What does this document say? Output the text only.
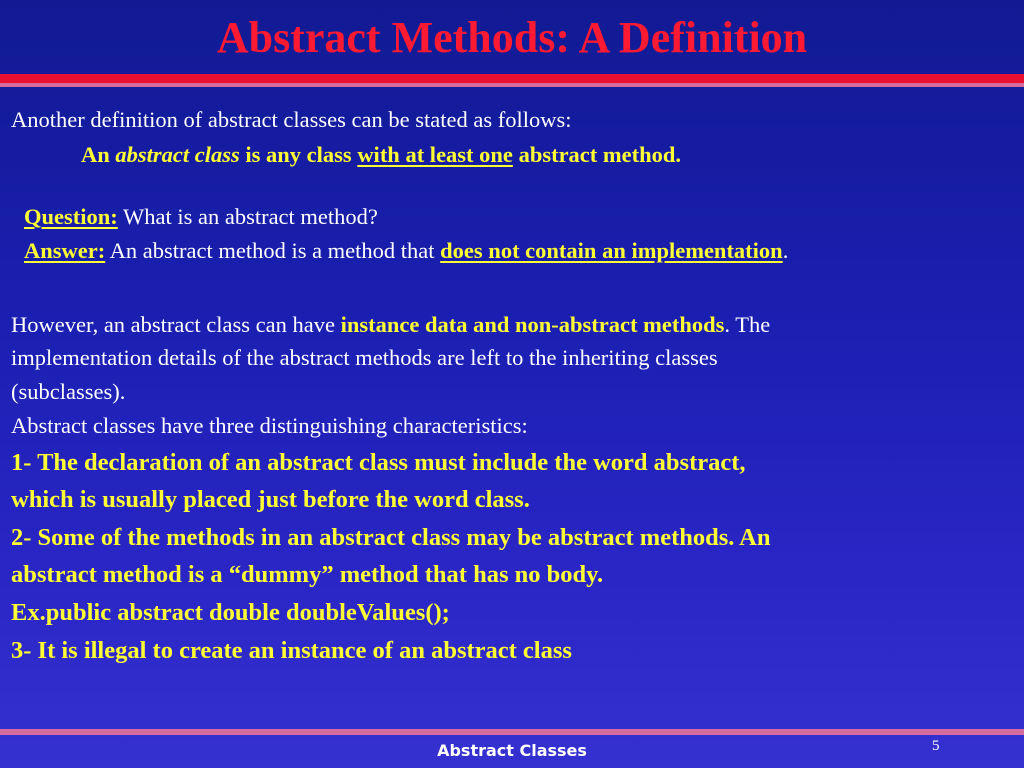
Abstract Methods: A Definition
Another definition of abstract classes can be stated as follows:
An abstract class is any class with at least one abstract method.
Question: What is an abstract method?
Answer: An abstract method is a method that does not contain an implementation.
However, an abstract class can have instance data and non-abstract methods. The
implementation details of the abstract methods are left to the inheriting classes
(subclasses).
Abstract classes have three distinguishing characteristics:
1- The declaration of an abstract class must include the word abstract,
which is usually placed just before the word class.
2- Some of the methods in an abstract class may be abstract methods. An
abstract method is a “dummy” method that has no body.
Ex.public abstract double doubleValues();
3- It is illegal to create an instance of an abstract class
Abstract Classes	5
